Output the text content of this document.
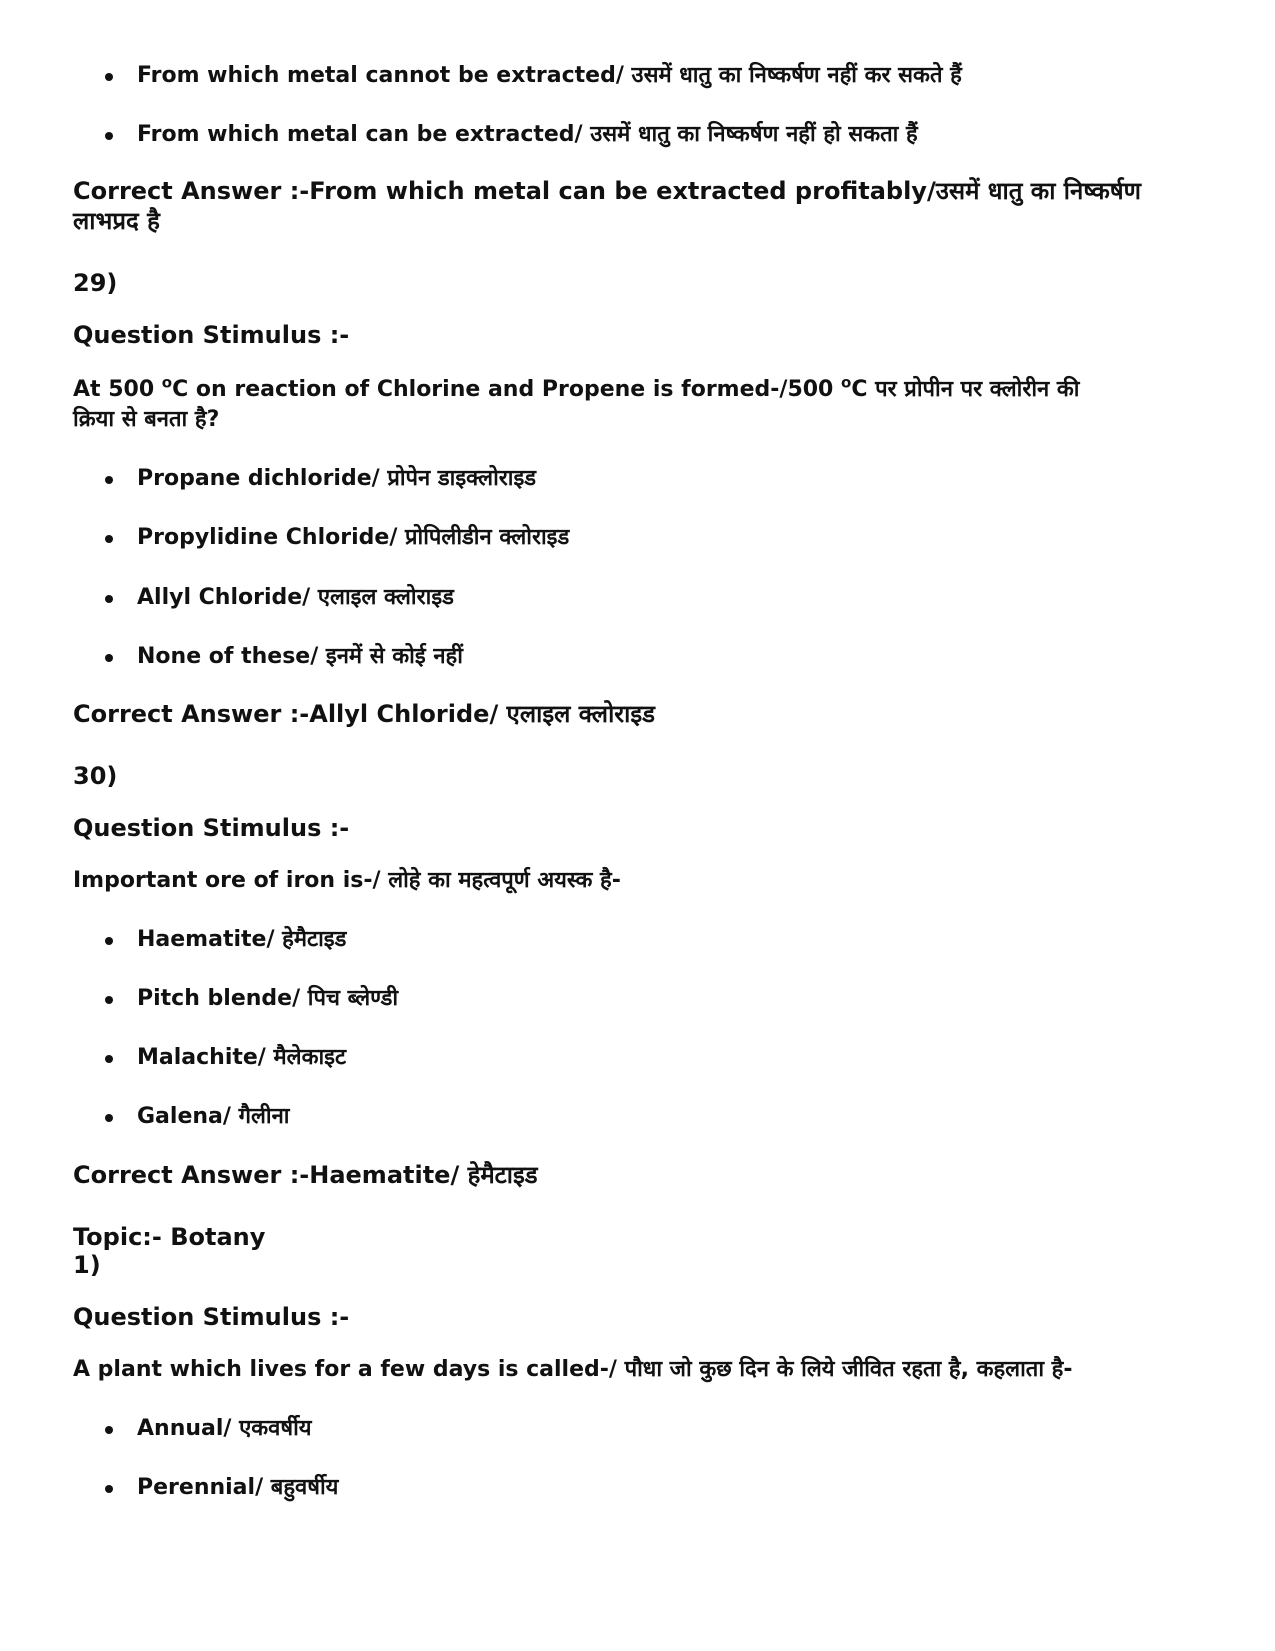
From which metal cannot be extracted/ उसमें धातु का निष्कर्षण नहीं कर सकते हैं
From which metal can be extracted/ उसमें धातु का निष्कर्षण नहीं हो सकता हैं
Correct Answer :-From which metal can be extracted profitably/उसमें धातु का निष्कर्षण
लाभप्रद है
29)
Question Stimulus :-
At 500 $^o$C on reaction of Chlorine and Propene is formed-/500 $^o$C पर प्रोपीन पर क्लोरीन की
क्रिया से बनता है?
Propane dichloride/ प्रोपेन डाइक्लोराइड
Propylidine Chloride/ प्रोपिलीडीन क्लोराइड
Allyl Chloride/ एलाइल क्लोराइड
None of these/ इनमें से कोई नहीं
Correct Answer :-Allyl Chloride/ एलाइल क्लोराइड
30)
Question Stimulus :-
Important ore of iron is-/ लोहे का महत्वपूर्ण अयस्क है-
Haematite/ हेमैटाइड
Pitch blende/ पिच ब्लेण्डी
Malachite/ मैलेकाइट
Galena/ गैलीना
Correct Answer :-Haematite/ हेमैटाइड
Topic:- Botany
1)
Question Stimulus :-
A plant which lives for a few days is called-/ पौधा जो कुछ दिन के लिये जीवित रहता है, कहलाता है-
Annual/ एकवर्षीय
Perennial/ बहुवर्षीय
